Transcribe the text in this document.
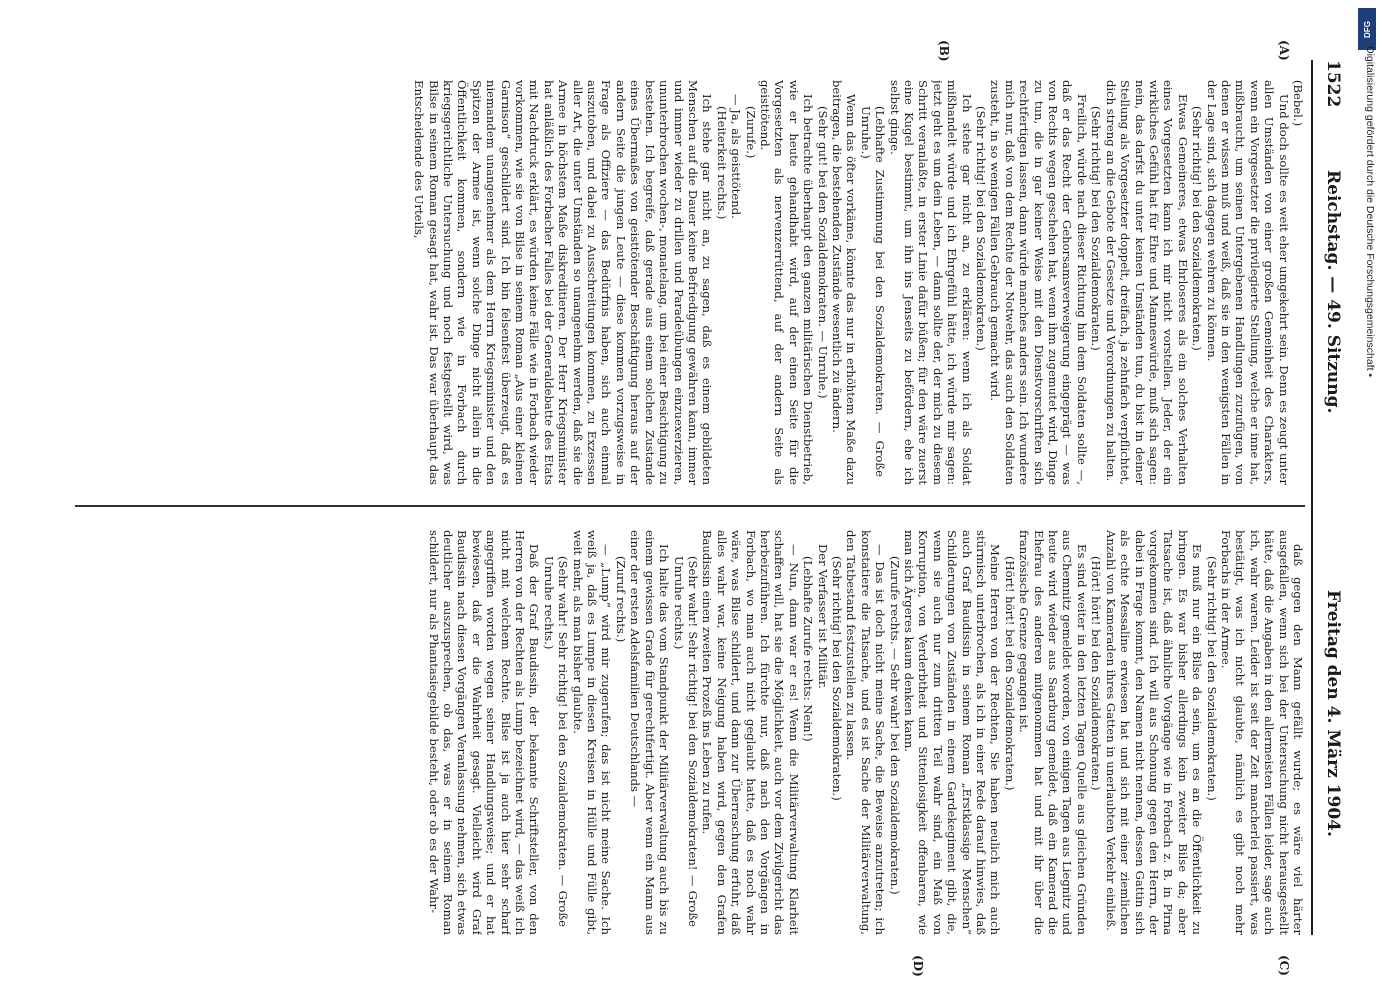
1522
Reichstag. — 49. Sitzung.
Freitag den 4. März 1904.
(A)
(B)
(C)
(D)

(Bebel.)

Und doch sollte es weit eher umgekehrt sein. Denn es zeugt unter allen Umständen von einer großen Gemeinheit des Charakters, wenn ein Vorgesetzter die privilegierte Stellung, welche er inne hat, mißbraucht, um seinen Untergebenen Handlungen zuzufügen, von denen er wissen muß und weiß, daß sie in den wenigsten Fällen in der Lage sind, sich dagegen wehren zu können.

(Sehr richtig! bei den Sozialdemokraten.)

Etwas Gemeineres, etwas Ehrloseres als ein solches Verhalten eines Vorgesetzten kann ich mir nicht vorstellen. Jeder, der ein wirkliches Gefühl hat für Ehre und Manneswürde, muß sich sagen: nein, das darfst du unter keinen Umständen tun, du bist in deiner Stellung als Vorgesetzter doppelt, dreifach, ja zehnfach verpflichtet, dich streng an die Gebote der Gesetze und Verordnungen zu halten.

(Sehr richtig! bei den Sozialdemokraten.)

Freilich, würde nach dieser Richtung hin dem Soldaten sollte —, daß er das Recht der Gehorsamsverweigerung eingeprägt — was von Rechts wegen geschehen hat, wenn ihm zugemutet wird, Dinge zu tun, die in gar keiner Weise mit den Dienstvorschriften sich rechtfertigen lassen, dann würde manches anders sein. Ich wundere mich nur, daß von dem Rechte der Notwehr, das auch den Soldaten zusteht, in so wenigen Fällen Gebrauch gemacht wird.

(Sehr richtig! bei den Sozialdemokraten.)

Ich stehe gar nicht an, zu erklären: wenn ich als Soldat mißhandelt würde und ich Ehrgefühl hätte, ich würde mir sagen: jetzt geht es um dein Leben, — dann sollte der, der mich zu diesem Schritt veranlaßte, in erster Linie dafür büßen; für den wäre zuerst eine Kugel bestimmt, um ihn ins Jenseits zu befördern, ehe ich selbst ginge.

(Lebhafte Zustimmung bei den Sozialdemokraten. — Große Unruhe.)

Wenn das öfter vorkäme, könnte das nur in erhöhtem Maße dazu beitragen, die bestehenden Zustände wesentlich zu ändern.

(Sehr gut! bei den Sozialdemokraten. — Unruhe.)

Ich betrachte überhaupt den ganzen militärischen Dienstbetrieb, wie er heute gehandhabt wird, auf der einen Seite für die Vorgesetzten als nervenzerrüttend, auf der andern Seite als geisttötend.

(Zurufe.)

— Ja, als geisttötend.

(Heiterkeit rechts.)

Ich stehe gar nicht an, zu sagen, daß es einem gebildeten Menschen auf die Dauer keine Befriedigung gewähren kann, immer und immer wieder zu drillen und Paradeübungen einzuexerzieren, ununterbrochen wochen-, monatelang, um bei einer Besichtigung zu bestehen. Ich begreife, daß gerade aus einem solchen Zustande eines Übermaßes von geisttötender Beschäftigung heraus auf der andern Seite die jungen Leute — diese kommen vorzugsweise in Frage als Offiziere — das Bedürfnis haben, sich auch einmal auszutoben, und dabei zu Ausschreitungen kommen, zu Exzessen aller Art, die unter Umständen so unangenehm werden, daß sie die Armee in höchstem Maße diskreditieren. Der Herr Kriegsminister hat anläßlich des Forbacher Falles bei der Generaldebatte des Etats mit Nachdruck erklärt, es würden keine Fälle wie in Forbach wieder vorkommen, wie sie von Bilse in seinem Roman „Aus einer kleinen Garnison“ geschildert sind. Ich bin felsenfest überzeugt, daß es niemandem unangenehmer als dem Herrn Kriegsminister und den Spitzen der Armee ist, wenn solche Dinge nicht allein in die Öffentlichkeit kommen, sondern wie in Forbach durch kriegsgerichtliche Untersuchung und noch festgestellt wird, was Bilse in seinem Roman gesagt hat, wahr ist. Das war überhaupt das Entscheidende des Urteils,

daß gegen den Mann gefällt wurde; es wäre viel härter ausgefallen, wenn sich bei der Untersuchung nicht herausgestellt hätte, daß die Angaben in den allermeisten Fällen leider, sage auch ich, wahr waren. Leider ist seit der Zeit mancherlei passiert, was bestätigt, was ich nicht glaubte, nämlich es gibt noch mehr Forbachs in der Armee.

(Sehr richtig! bei den Sozialdemokraten.)

Es muß nur ein Bilse da sein, um es an die Öffentlichkeit zu bringen. Es war bisher allerdings kein zweiter Bilse da; aber Tatsache ist, daß ähnliche Vorgänge wie in Forbach z. B. in Pirna vorgekommen sind. Ich will aus Schonung gegen den Herrn, der dabei in Frage kommt, den Namen nicht nennen, dessen Gattin sich als echte Messaline erwiesen hat und sich mit einer ziemlichen Anzahl von Kameraden ihres Gatten in unerlaubten Verkehr einließ.

(Hört! hört! bei den Sozialdemokraten.)

Es sind weiter in den letzten Tagen Quelle aus gleichen Gründen aus Chemnitz gemeldet worden, von einigen Tagen aus Liegnitz und heute wird wieder aus Saarburg gemeldet, daß ein Kamerad die Ehefrau des anderen mitgenommen hat und mit ihr über die französische Grenze gegangen ist.

(Hört! hört! bei den Sozialdemokraten.)

Meine Herren von der Rechten, Sie haben neulich mich auch stürmisch unterbrochen, als ich in einer Rede darauf hinwies, daß auch Graf Baudissin in seinem Roman „Erstklassige Menschen“ Schilderungen von Zuständen in einem Gardekegiment gibt, die, wenn sie auch nur zum dritten Teil wahr sind, ein Maß von Korruption, von Verderbtheit und Sittenlosigkeit offenbaren, wie man sich Ärgeres kaum denken kann.

(Zurufe rechts. — Sehr wahr! bei den Sozialdemokraten.)

— Das ist doch nicht meine Sache, die Beweise anzutreten; ich konstatiere die Tatsache, und es ist Sache der Militärverwaltung, den Tatbestand festzustellen zu lassen.

(Sehr richtig! bei den Sozialdemokraten.)

Der Verfasser ist Militär.

(Lebhafte Zurufe rechts: Nein!)

— Nun, dann war er es! Wenn die Militärverwaltung Klarheit schaffen will, hat sie die Möglichkeit, auch vor dem Zivilgericht das herbeizuführen. Ich fürchte nur, daß nach den Vorgängen in Forbach, wo man auch nicht geglaubt hatte, daß es noch wahr wäre, was Bilse schildert, und dann zur Überraschung erfuhr, daß alles wahr war, keine Neigung haben wird, gegen den Grafen Baudissin einen zweiten Prozeß ins Leben zu rufen.

(Sehr wahr! Sehr richtig! bei den Sozialdemokraten! — Große Unruhe rechts.)

Ich halte das vom Standpunkt der Militärverwaltung auch bis zu einem gewissen Grade für gerechtfertigt. Aber wenn ein Mann aus einer der ersten Adelsfamilien Deutschlands —

(Zuruf rechts.)

— „Lump“ wird mir zugerufen; das ist nicht meine Sache. Ich weiß ja, daß es Lumpe in diesen Kreisen in Hülle und Fülle gibt, weit mehr, als man bisher glaubte.

(Sehr wahr! Sehr richtig! bei den Sozialdemokraten. — Große Unruhe rechts.)

Daß der Graf Baudissin, der bekannte Schriftsteller, von den Herren von der Rechten als Lump bezeichnet wird, — das weiß ich nicht mit welchem Rechte. Bilse ist ja auch hier sehr scharf angegriffen worden wegen seiner Handlungsweise; und er hat bewiesen, daß er die Wahrheit gesagt. Vielleicht wird Graf Baudissin nach diesen Vorgängen Veranlassung nehmen, sich etwas deutlicher auszusprechen, ob das, was er in seinem Roman schildert, nur als Phantasiegebilde besteht, oder ob es der Wahr-

DFG
Digitalisierung gefördert durch die Deutsche Forschungsgemeinschaft •
